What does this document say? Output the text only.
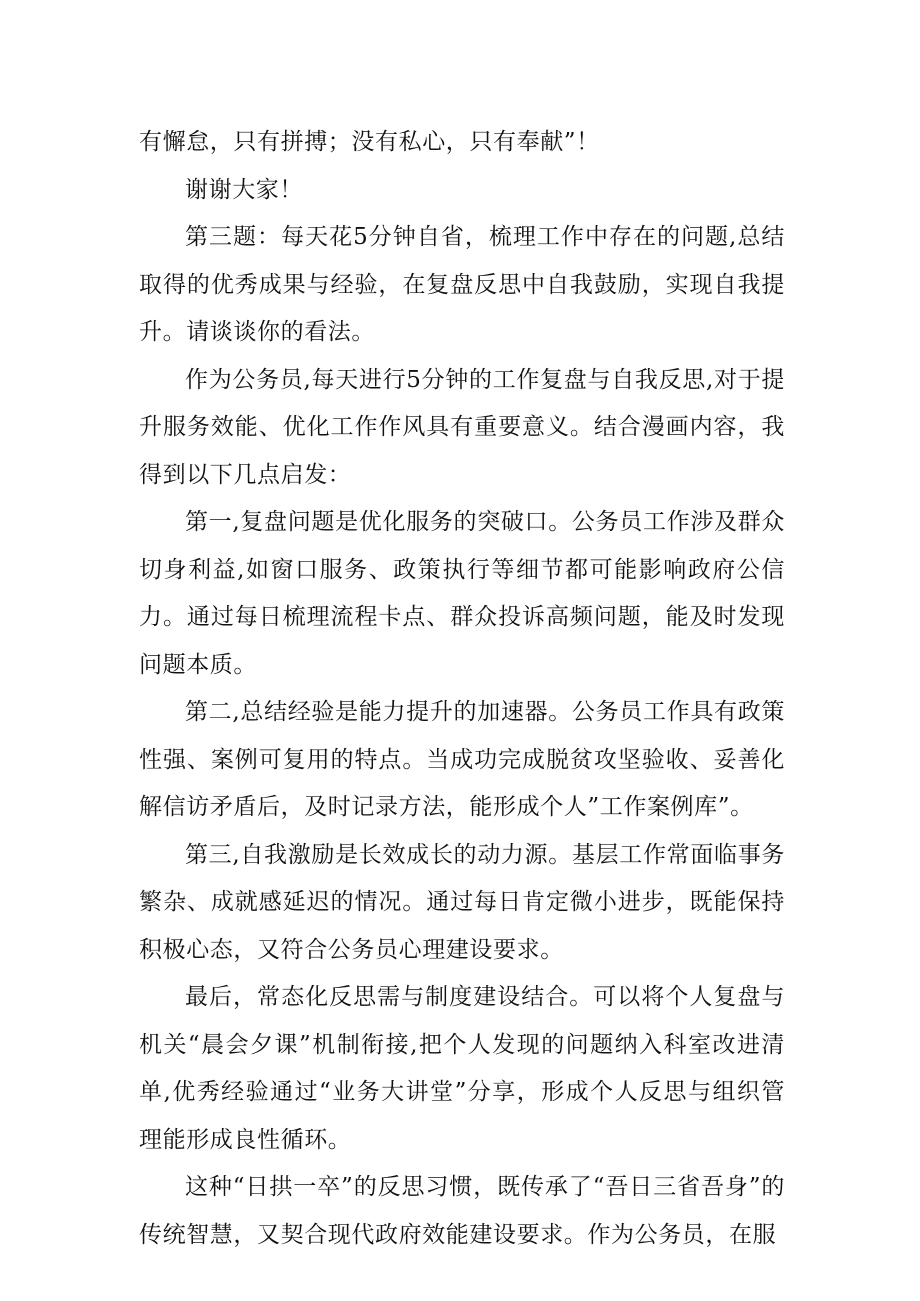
有懈怠，只有拼搏；没有私心，只有奉献”！

谢谢大家！

第三题：每天花5分钟自省，梳理工作中存在的问题,总结取得的优秀成果与经验，在复盘反思中自我鼓励，实现自我提升。请谈谈你的看法。

作为公务员,每天进行5分钟的工作复盘与自我反思,对于提升服务效能、优化工作作风具有重要意义。结合漫画内容，我得到以下几点启发：

第一,复盘问题是优化服务的突破口。公务员工作涉及群众切身利益,如窗口服务、政策执行等细节都可能影响政府公信力。通过每日梳理流程卡点、群众投诉高频问题，能及时发现问题本质。

第二,总结经验是能力提升的加速器。公务员工作具有政策性强、案例可复用的特点。当成功完成脱贫攻坚验收、妥善化解信访矛盾后，及时记录方法，能形成个人”工作案例库”。

第三,自我激励是长效成长的动力源。基层工作常面临事务繁杂、成就感延迟的情况。通过每日肯定微小进步，既能保持积极心态，又符合公务员心理建设要求。

最后，常态化反思需与制度建设结合。可以将个人复盘与机关“晨会夕课”机制衔接,把个人发现的问题纳入科室改进清单,优秀经验通过“业务大讲堂”分享，形成个人反思与组织管理能形成良性循环。

这种“日拱一卒”的反思习惯，既传承了“吾日三省吾身”的传统智慧，又契合现代政府效能建设要求。作为公务员，在服
